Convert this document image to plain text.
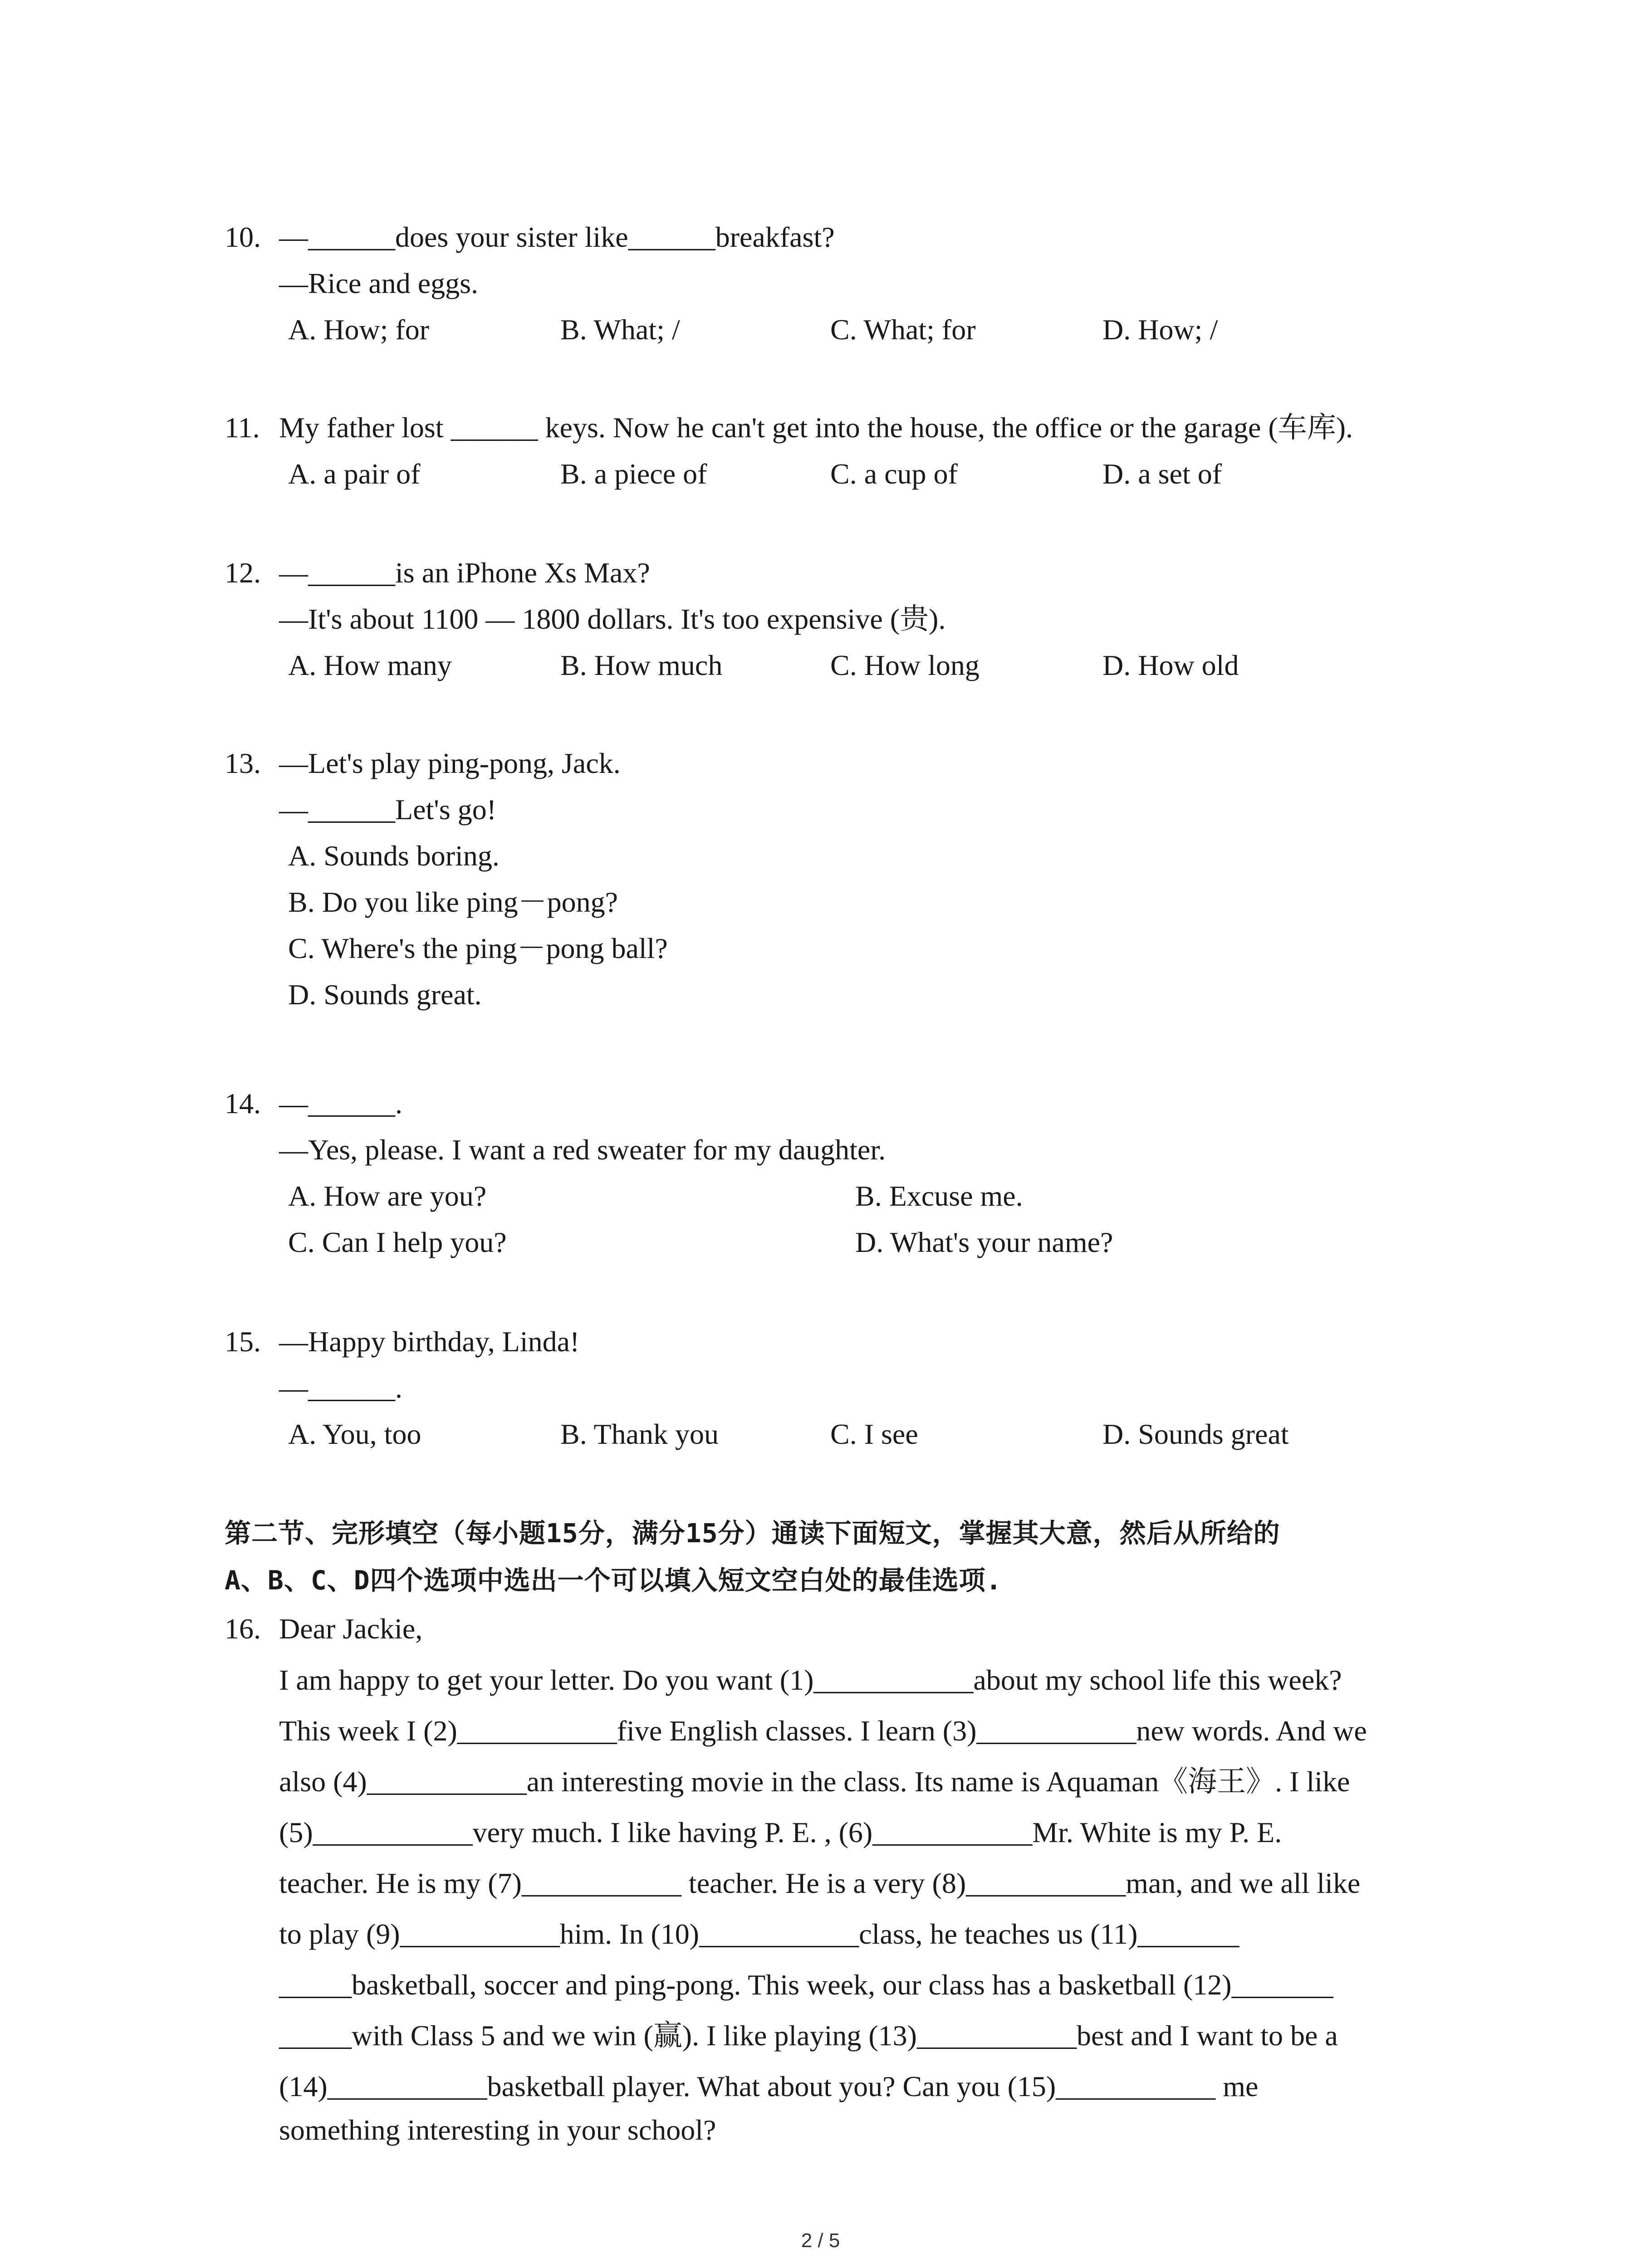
10. —______does your sister like______breakfast?
—Rice and eggs.
A. How; for	B. What; /	C. What; for	D. How; /
11. My father lost ______ keys. Now he can't get into the house, the office or the garage (车库).
A. a pair of	B. a piece of	C. a cup of	D. a set of
12. —______is an iPhone Xs Max?
—It's about 1100 — 1800 dollars. It's too expensive (贵).
A. How many	B. How much	C. How long	D. How old
13. —Let's play ping-pong, Jack.
—______Let's go!
A. Sounds boring.
B. Do you like ping－pong?
C. Where's the ping－pong ball?
D. Sounds great.
14. —______.
—Yes, please. I want a red sweater for my daughter.
A. How are you?	B. Excuse me.
C. Can I help you?	D. What's your name?
15. —Happy birthday, Linda!
—______.
A. You, too	B. Thank you	C. I see	D. Sounds great
第二节、完形填空（每小题15分，满分15分）通读下面短文，掌握其大意，然后从所给的
A、B、C、D四个选项中选出一个可以填入短文空白处的最佳选项.
16. Dear Jackie,
I am happy to get your letter. Do you want (1)___________about my school life this week?
This week I (2)___________five English classes. I learn (3)___________new words. And we
also (4)___________an interesting movie in the class. Its name is Aquaman《海王》. I like
(5)___________very much. I like having P. E. , (6)___________Mr. White is my P. E.
teacher. He is my (7)___________ teacher. He is a very (8)___________man, and we all like
to play (9)___________him. In (10)___________class, he teaches us (11)_______
_____basketball, soccer and ping-pong. This week, our class has a basketball (12)_______
_____with Class 5 and we win (赢). I like playing (13)___________best and I want to be a
(14)___________basketball player. What about you? Can you (15)___________ me
something interesting in your school?
2 / 5
